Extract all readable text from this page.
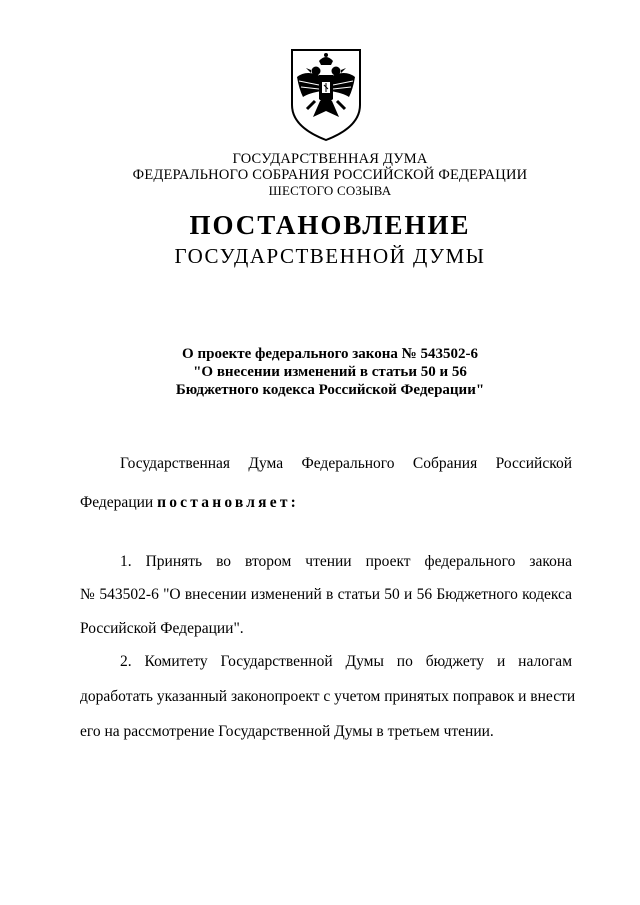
ГОСУДАРСТВЕННАЯ ДУМА
ФЕДЕРАЛЬНОГО СОБРАНИЯ РОССИЙСКОЙ ФЕДЕРАЦИИ
ШЕСТОГО СОЗЫВА
ПОСТАНОВЛЕНИЕ
ГОСУДАРСТВЕННОЙ ДУМЫ
О проекте федерального закона № 543502-6
"О внесении изменений в статьи 50 и 56
Бюджетного кодекса Российской Федерации"
Государственная Дума Федерального Собрания Российской
Федерации постановляет:
1. Принять во втором чтении проект федерального закона
№ 543502-6 "О внесении изменений в статьи 50 и 56 Бюджетного кодекса
Российской Федерации".
2. Комитету Государственной Думы по бюджету и налогам
доработать указанный законопроект с учетом принятых поправок и внести
его на рассмотрение Государственной Думы в третьем чтении.
